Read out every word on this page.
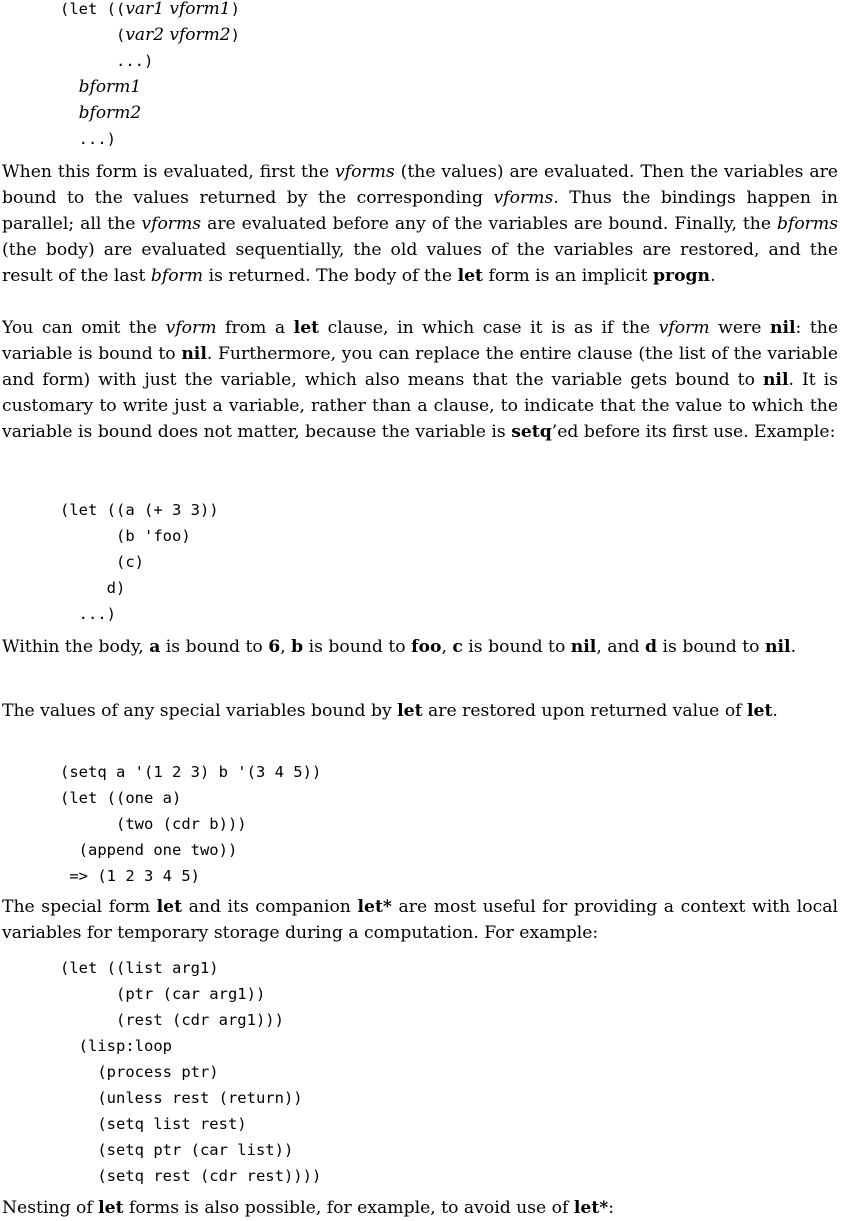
(let ((var1 vform1)
(var2 vform2)
...)
bform1
bform2
...)

When this form is evaluated, first the vforms (the values) are evaluated. Then the variables are bound to the values returned by the corresponding vforms. Thus the bindings happen in parallel; all the vforms are evaluated before any of the variables are bound. Finally, the bforms (the body) are evaluated sequentially, the old values of the variables are restored, and the result of the last bform is returned. The body of the let form is an implicit progn.

You can omit the vform from a let clause, in which case it is as if the vform were nil: the variable is bound to nil. Furthermore, you can replace the entire clause (the list of the variable and form) with just the variable, which also means that the variable gets bound to nil. It is customary to write just a variable, rather than a clause, to indicate that the value to which the variable is bound does not matter, because the variable is setq’ed before its first use. Example:

(let ((a (+ 3 3))
(b 'foo)
(c)
d)
...)

Within the body, a is bound to 6, b is bound to foo, c is bound to nil, and d is bound to nil.

The values of any special variables bound by let are restored upon returned value of let.

(setq a '(1 2 3) b '(3 4 5))
(let ((one a)
(two (cdr b)))
(append one two))
=> (1 2 3 4 5)

The special form let and its companion let* are most useful for providing a context with local variables for temporary storage during a computation. For example:

(let ((list arg1)
(ptr (car arg1))
(rest (cdr arg1)))
(lisp:loop
(process ptr)
(unless rest (return))
(setq list rest)
(setq ptr (car list))
(setq rest (cdr rest))))

Nesting of let forms is also possible, for example, to avoid use of let*:
